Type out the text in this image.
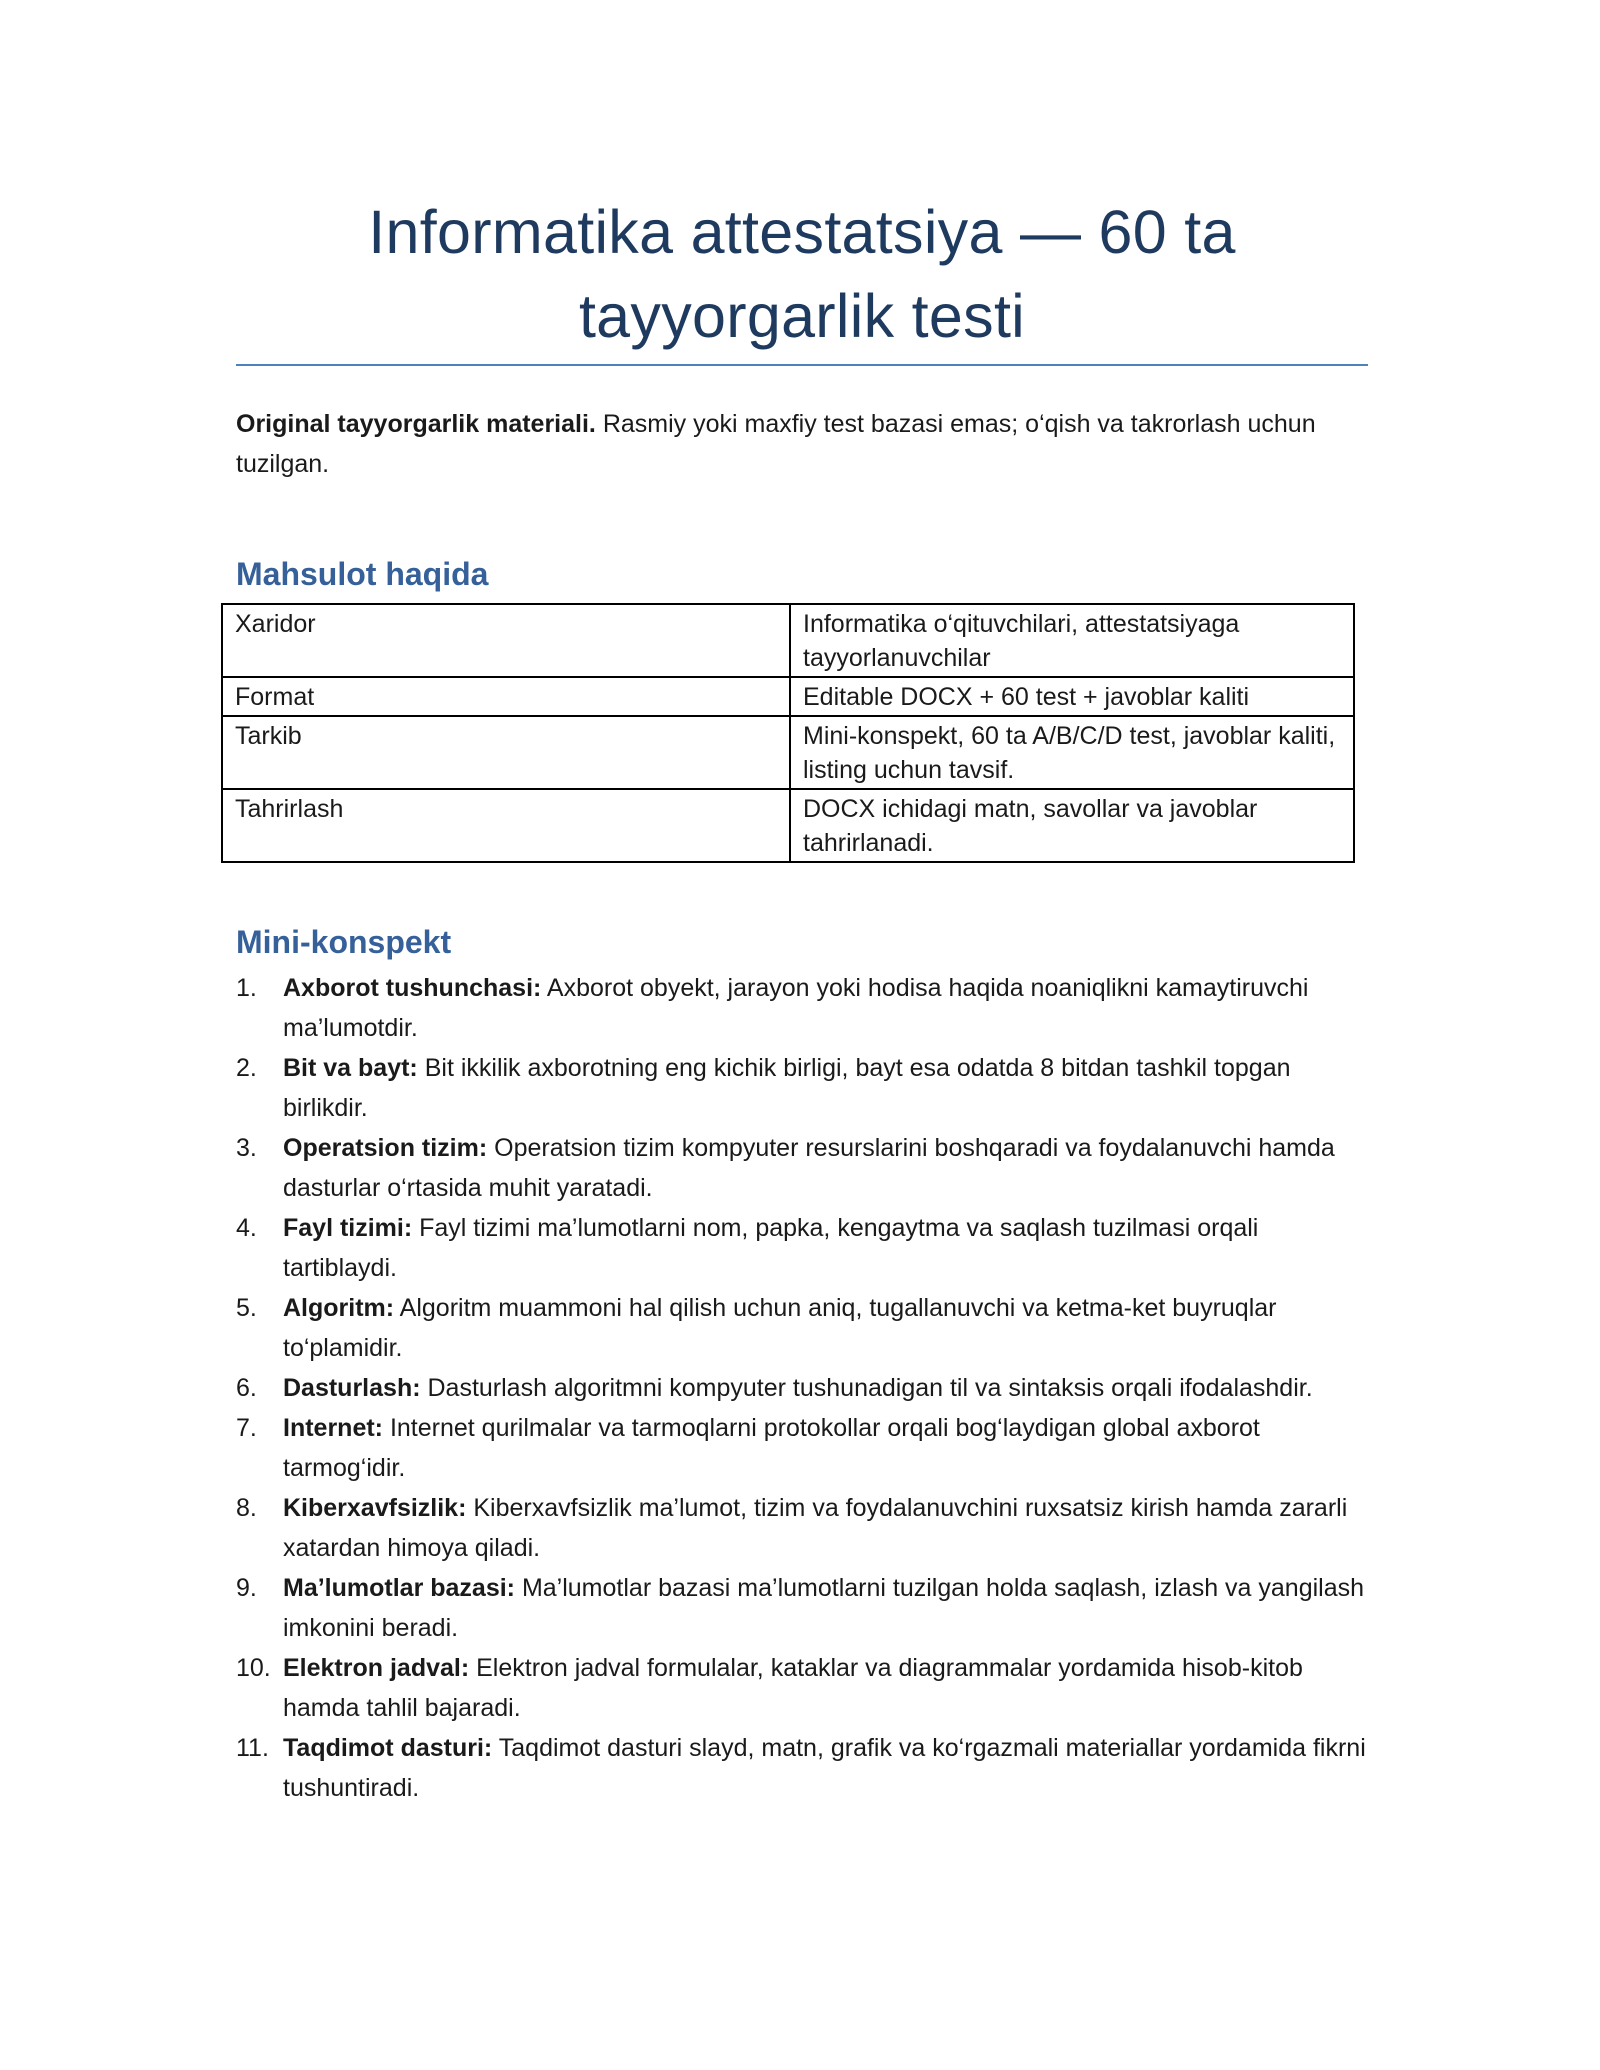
Informatika attestatsiya — 60 ta tayyorgarlik testi
Original tayyorgarlik materiali. Rasmiy yoki maxfiy test bazasi emas; o‘qish va takrorlash uchun tuzilgan.
Mahsulot haqida
Xaridor	Informatika o‘qituvchilari, attestatsiyaga tayyorlanuvchilar
Format	Editable DOCX + 60 test + javoblar kaliti
Tarkib	Mini-konspekt, 60 ta A/B/C/D test, javoblar kaliti, listing uchun tavsif.
Tahrirlash	DOCX ichidagi matn, savollar va javoblar tahrirlanadi.
Mini-konspekt
1. Axborot tushunchasi: Axborot obyekt, jarayon yoki hodisa haqida noaniqlikni kamaytiruvchi ma’lumotdir.
2. Bit va bayt: Bit ikkilik axborotning eng kichik birligi, bayt esa odatda 8 bitdan tashkil topgan birlikdir.
3. Operatsion tizim: Operatsion tizim kompyuter resurslarini boshqaradi va foydalanuvchi hamda dasturlar o‘rtasida muhit yaratadi.
4. Fayl tizimi: Fayl tizimi ma’lumotlarni nom, papka, kengaytma va saqlash tuzilmasi orqali tartiblaydi.
5. Algoritm: Algoritm muammoni hal qilish uchun aniq, tugallanuvchi va ketma-ket buyruqlar to‘plamidir.
6. Dasturlash: Dasturlash algoritmni kompyuter tushunadigan til va sintaksis orqali ifodalashdir.
7. Internet: Internet qurilmalar va tarmoqlarni protokollar orqali bog‘laydigan global axborot tarmog‘idir.
8. Kiberxavfsizlik: Kiberxavfsizlik ma’lumot, tizim va foydalanuvchini ruxsatsiz kirish hamda zararli xatardan himoya qiladi.
9. Ma’lumotlar bazasi: Ma’lumotlar bazasi ma’lumotlarni tuzilgan holda saqlash, izlash va yangilash imkonini beradi.
10. Elektron jadval: Elektron jadval formulalar, kataklar va diagrammalar yordamida hisob-kitob hamda tahlil bajaradi.
11. Taqdimot dasturi: Taqdimot dasturi slayd, matn, grafik va ko‘rgazmali materiallar yordamida fikrni tushuntiradi.
